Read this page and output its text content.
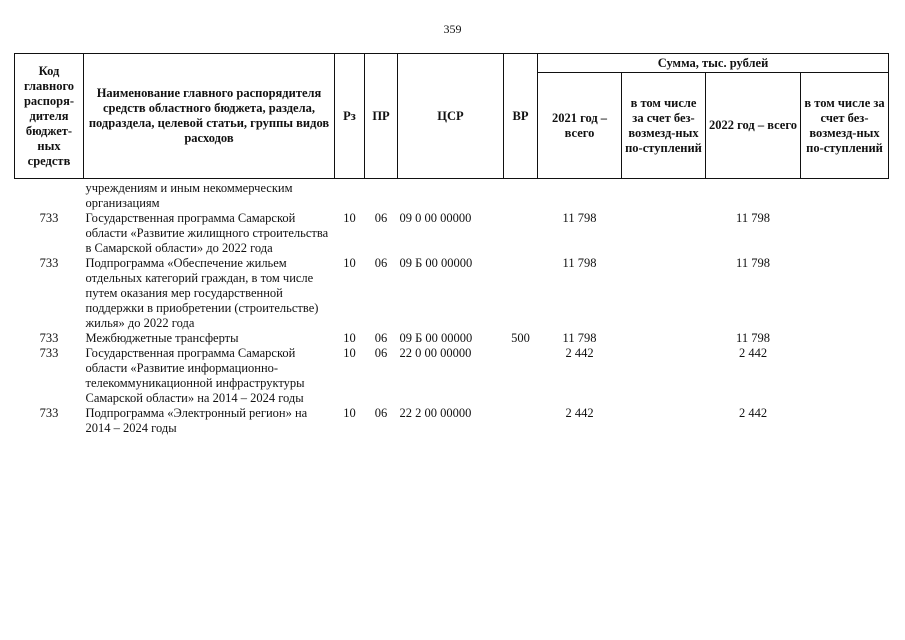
359
Код главного распоря-дителя бюджет-ных средств	Наименование главного распорядителя средств областного бюджета, раздела, подраздела, целевой статьи, группы видов расходов	Рз	ПР	ЦСР	ВР	Сумма, тыс. рублей			
						2021 год – всего	в том числе за счет без-возмезд-ных по-ступлений	2022 год – всего	в том числе за счет без-возмезд-ных по-ступлений
	учреждениям и иным некоммерческим организациям								
733	Государственная программа Самарской области «Развитие жилищного строительства в Самарской области» до 2022 года	10	06	09 0 00 00000		11 798		11 798	
733	Подпрограмма «Обеспечение жильем отдельных категорий граждан, в том числе путем оказания мер государственной поддержки в приобретении (строительстве) жилья» до 2022 года	10	06	09 Б 00 00000		11 798		11 798	
733	Межбюджетные трансферты	10	06	09 Б 00 00000	500	11 798		11 798	
733	Государственная программа Самарской области «Развитие информационно-телекоммуникационной инфраструктуры Самарской области» на 2014 – 2024 годы	10	06	22 0 00 00000		2 442		2 442	
733	Подпрограмма «Электронный регион» на 2014 – 2024 годы	10	06	22 2 00 00000		2 442		2 442	
